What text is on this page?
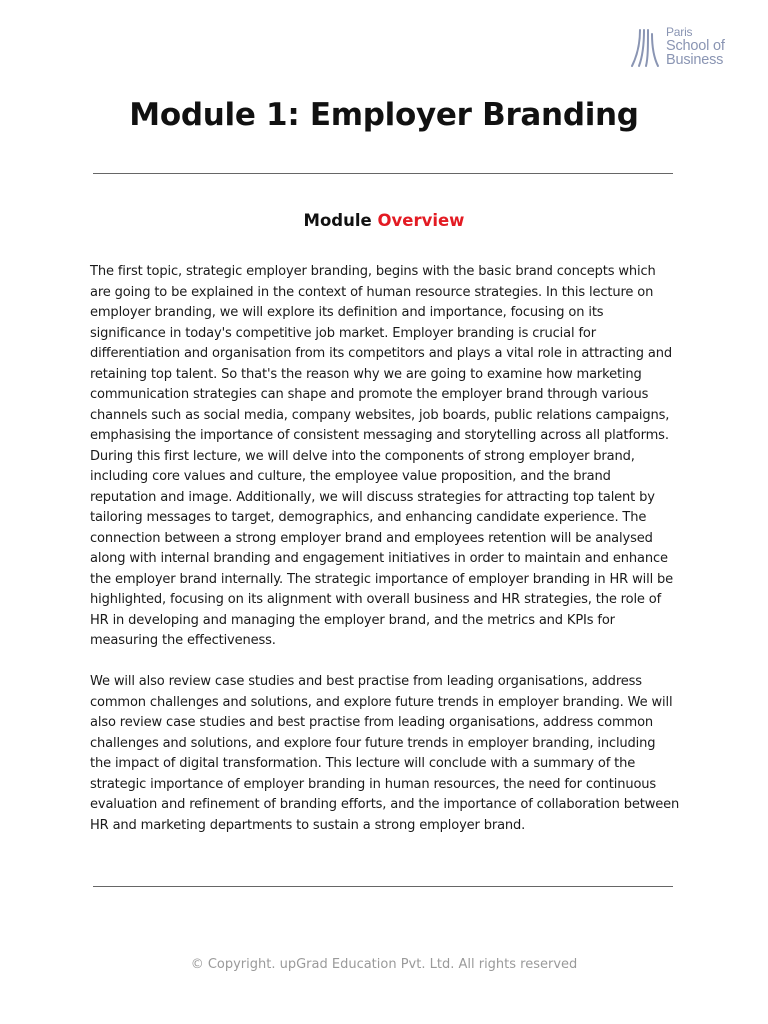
Paris
School of
Business
Module 1: Employer Branding
Module Overview

The first topic, strategic employer branding, begins with the basic brand concepts which are going to be explained in the context of human resource strategies. In this lecture on employer branding, we will explore its definition and importance, focusing on its significance in today's competitive job market. Employer branding is crucial for differentiation and organisation from its competitors and plays a vital role in attracting and retaining top talent. So that's the reason why we are going to examine how marketing communication strategies can shape and promote the employer brand through various channels such as social media, company websites, job boards, public relations campaigns, emphasising the importance of consistent messaging and storytelling across all platforms. During this first lecture, we will delve into the components of strong employer brand, including core values and culture, the employee value proposition, and the brand reputation and image. Additionally, we will discuss strategies for attracting top talent by tailoring messages to target, demographics, and enhancing candidate experience. The connection between a strong employer brand and employees retention will be analysed along with internal branding and engagement initiatives in order to maintain and enhance the employer brand internally. The strategic importance of employer branding in HR will be highlighted, focusing on its alignment with overall business and HR strategies, the role of HR in developing and managing the employer brand, and the metrics and KPIs for measuring the effectiveness.

We will also review case studies and best practise from leading organisations, address common challenges and solutions, and explore future trends in employer branding. We will also review case studies and best practise from leading organisations, address common challenges and solutions, and explore four future trends in employer branding, including the impact of digital transformation. This lecture will conclude with a summary of the strategic importance of employer branding in human resources, the need for continuous evaluation and refinement of branding efforts, and the importance of collaboration between HR and marketing departments to sustain a strong employer brand.

© Copyright. upGrad Education Pvt. Ltd. All rights reserved
